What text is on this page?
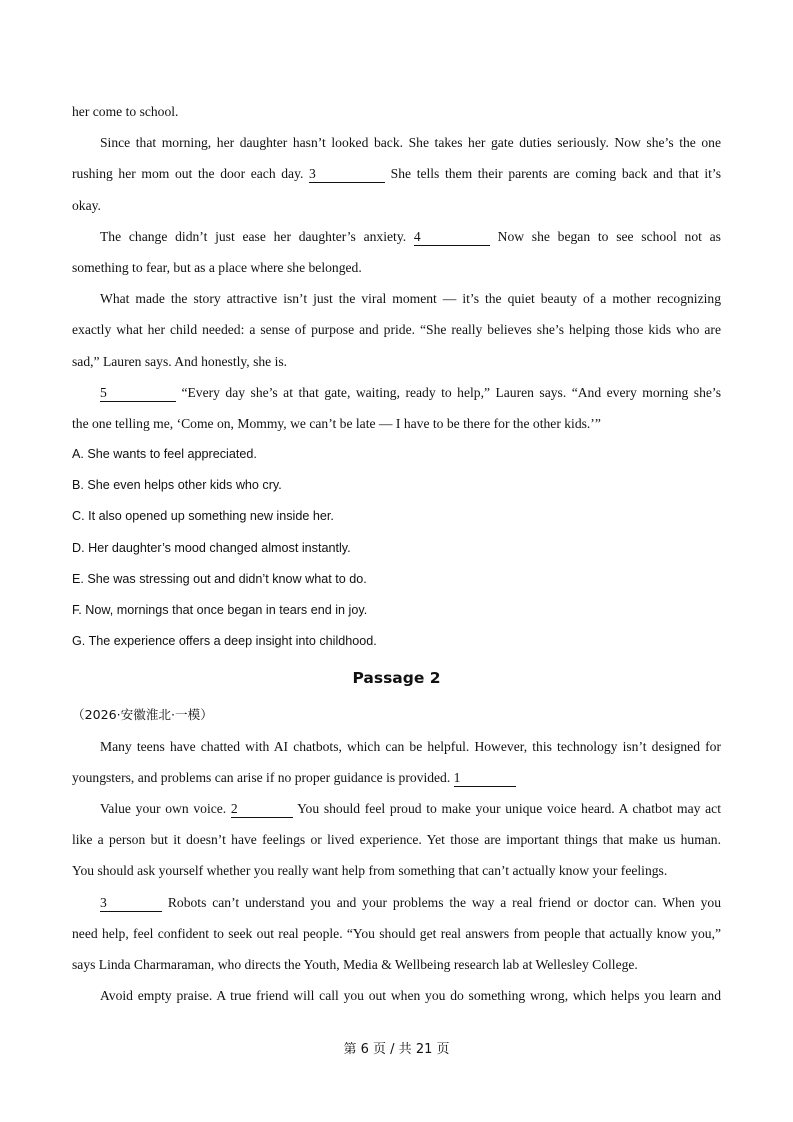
her come to school.
Since that morning, her daughter hasn’t looked back. She takes her gate duties seriously. Now she’s the one
rushing her mom out the door each day. 3	She tells them their parents are coming back and that it’s
okay.
The change didn’t just ease her daughter’s anxiety. 4	Now she began to see school not as
something to fear, but as a place where she belonged.
What made the story attractive isn’t just the viral moment — it’s the quiet beauty of a mother recognizing
exactly what her child needed: a sense of purpose and pride. “She really believes she’s helping those kids who are
sad,” Lauren says. And honestly, she is.
5	“Every day she’s at that gate, waiting, ready to help,” Lauren says. “And every morning she’s
the one telling me, ‘Come on, Mommy, we can’t be late — I have to be there for the other kids.’”
A. She wants to feel appreciated.
B. She even helps other kids who cry.
C. It also opened up something new inside her.
D. Her daughter’s mood changed almost instantly.
E. She was stressing out and didn’t know what to do.
F. Now, mornings that once began in tears end in joy.
G. The experience offers a deep insight into childhood.
Passage 2
（2026·安徽淮北·一模）
Many teens have chatted with AI chatbots, which can be helpful. However, this technology isn’t designed for
youngsters, and problems can arise if no proper guidance is provided. 1
Value your own voice. 2	You should feel proud to make your unique voice heard. A chatbot may act
like a person but it doesn’t have feelings or lived experience. Yet those are important things that make us human.
You should ask yourself whether you really want help from something that can’t actually know your feelings.
3	Robots can’t understand you and your problems the way a real friend or doctor can. When you
need help, feel confident to seek out real people. “You should get real answers from people that actually know you,”
says Linda Charmaraman, who directs the Youth, Media & Wellbeing research lab at Wellesley College.
Avoid empty praise. A true friend will call you out when you do something wrong, which helps you learn and
第 6 页 / 共 21 页
